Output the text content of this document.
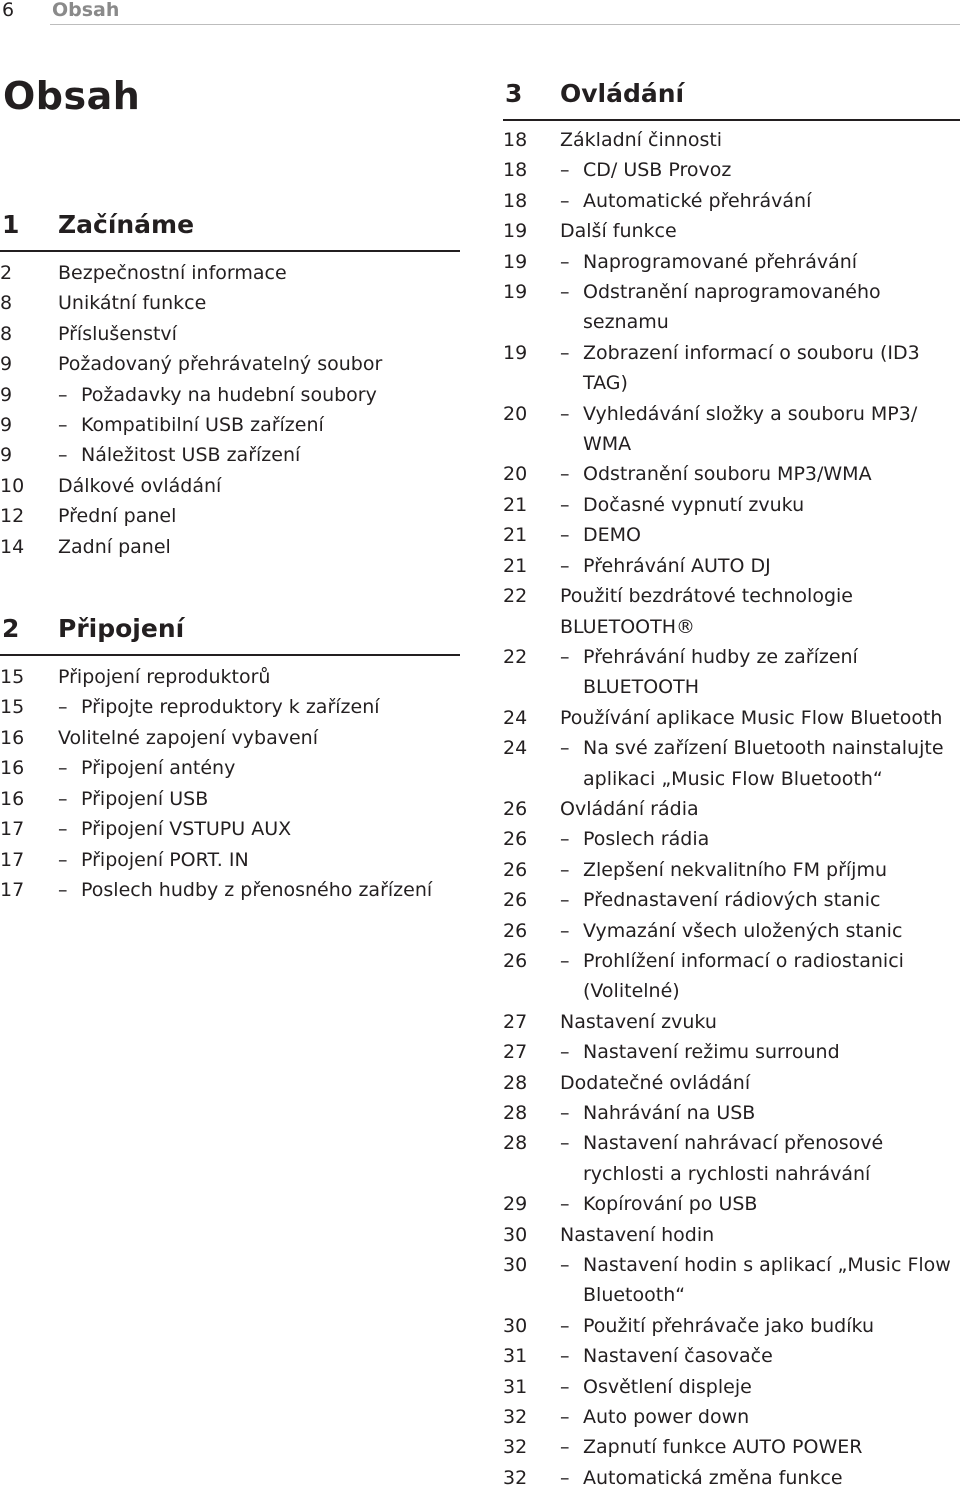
6 Obsah
Obsah
1 Začínáme
2	Bezpečnostní informace
8	Unikátní funkce
8	Příslušenství
9	Požadovaný přehrávatelný soubor
9	– Požadavky na hudební soubory
9	– Kompatibilní USB zařízení
9	– Náležitost USB zařízení
10	Dálkové ovládání
12	Přední panel
14	Zadní panel
2 Připojení
15	Připojení reproduktorů
15	– Připojte reproduktory k zařízení
16	Volitelné zapojení vybavení
16	– Připojení antény
16	– Připojení USB
17	– Připojení VSTUPU AUX
17	– Připojení PORT. IN
17	– Poslech hudby z přenosného zařízení
3 Ovládání
18	Základní činnosti
18	– CD/ USB Provoz
18	– Automatické přehrávání
19	Další funkce
19	– Naprogramované přehrávání
19	– Odstranění naprogramovaného seznamu
19	– Zobrazení informací o souboru (ID3 TAG)
20	– Vyhledávání složky a souboru MP3/ WMA
20	– Odstranění souboru MP3/WMA
21	– Dočasné vypnutí zvuku
21	– DEMO
21	– Přehrávání AUTO DJ
22	Použití bezdrátové technologie BLUETOOTH®
22	– Přehrávání hudby ze zařízení BLUETOOTH
24	Používání aplikace Music Flow Bluetooth
24	– Na své zařízení Bluetooth nainstalujte aplikaci „Music Flow Bluetooth“
26	Ovládání rádia
26	– Poslech rádia
26	– Zlepšení nekvalitního FM příjmu
26	– Přednastavení rádiových stanic
26	– Vymazání všech uložených stanic
26	– Prohlížení informací o radiostanici (Volitelné)
27	Nastavení zvuku
27	– Nastavení režimu surround
28	Dodatečné ovládání
28	– Nahrávání na USB
28	– Nastavení nahrávací přenosové rychlosti a rychlosti nahrávání
29	– Kopírování po USB
30	Nastavení hodin
30	– Nastavení hodin s aplikací „Music Flow Bluetooth“
30	– Použití přehrávače jako budíku
31	– Nastavení časovače
31	– Osvětlení displeje
32	– Auto power down
32	– Zapnutí funkce AUTO POWER
32	– Automatická změna funkce
